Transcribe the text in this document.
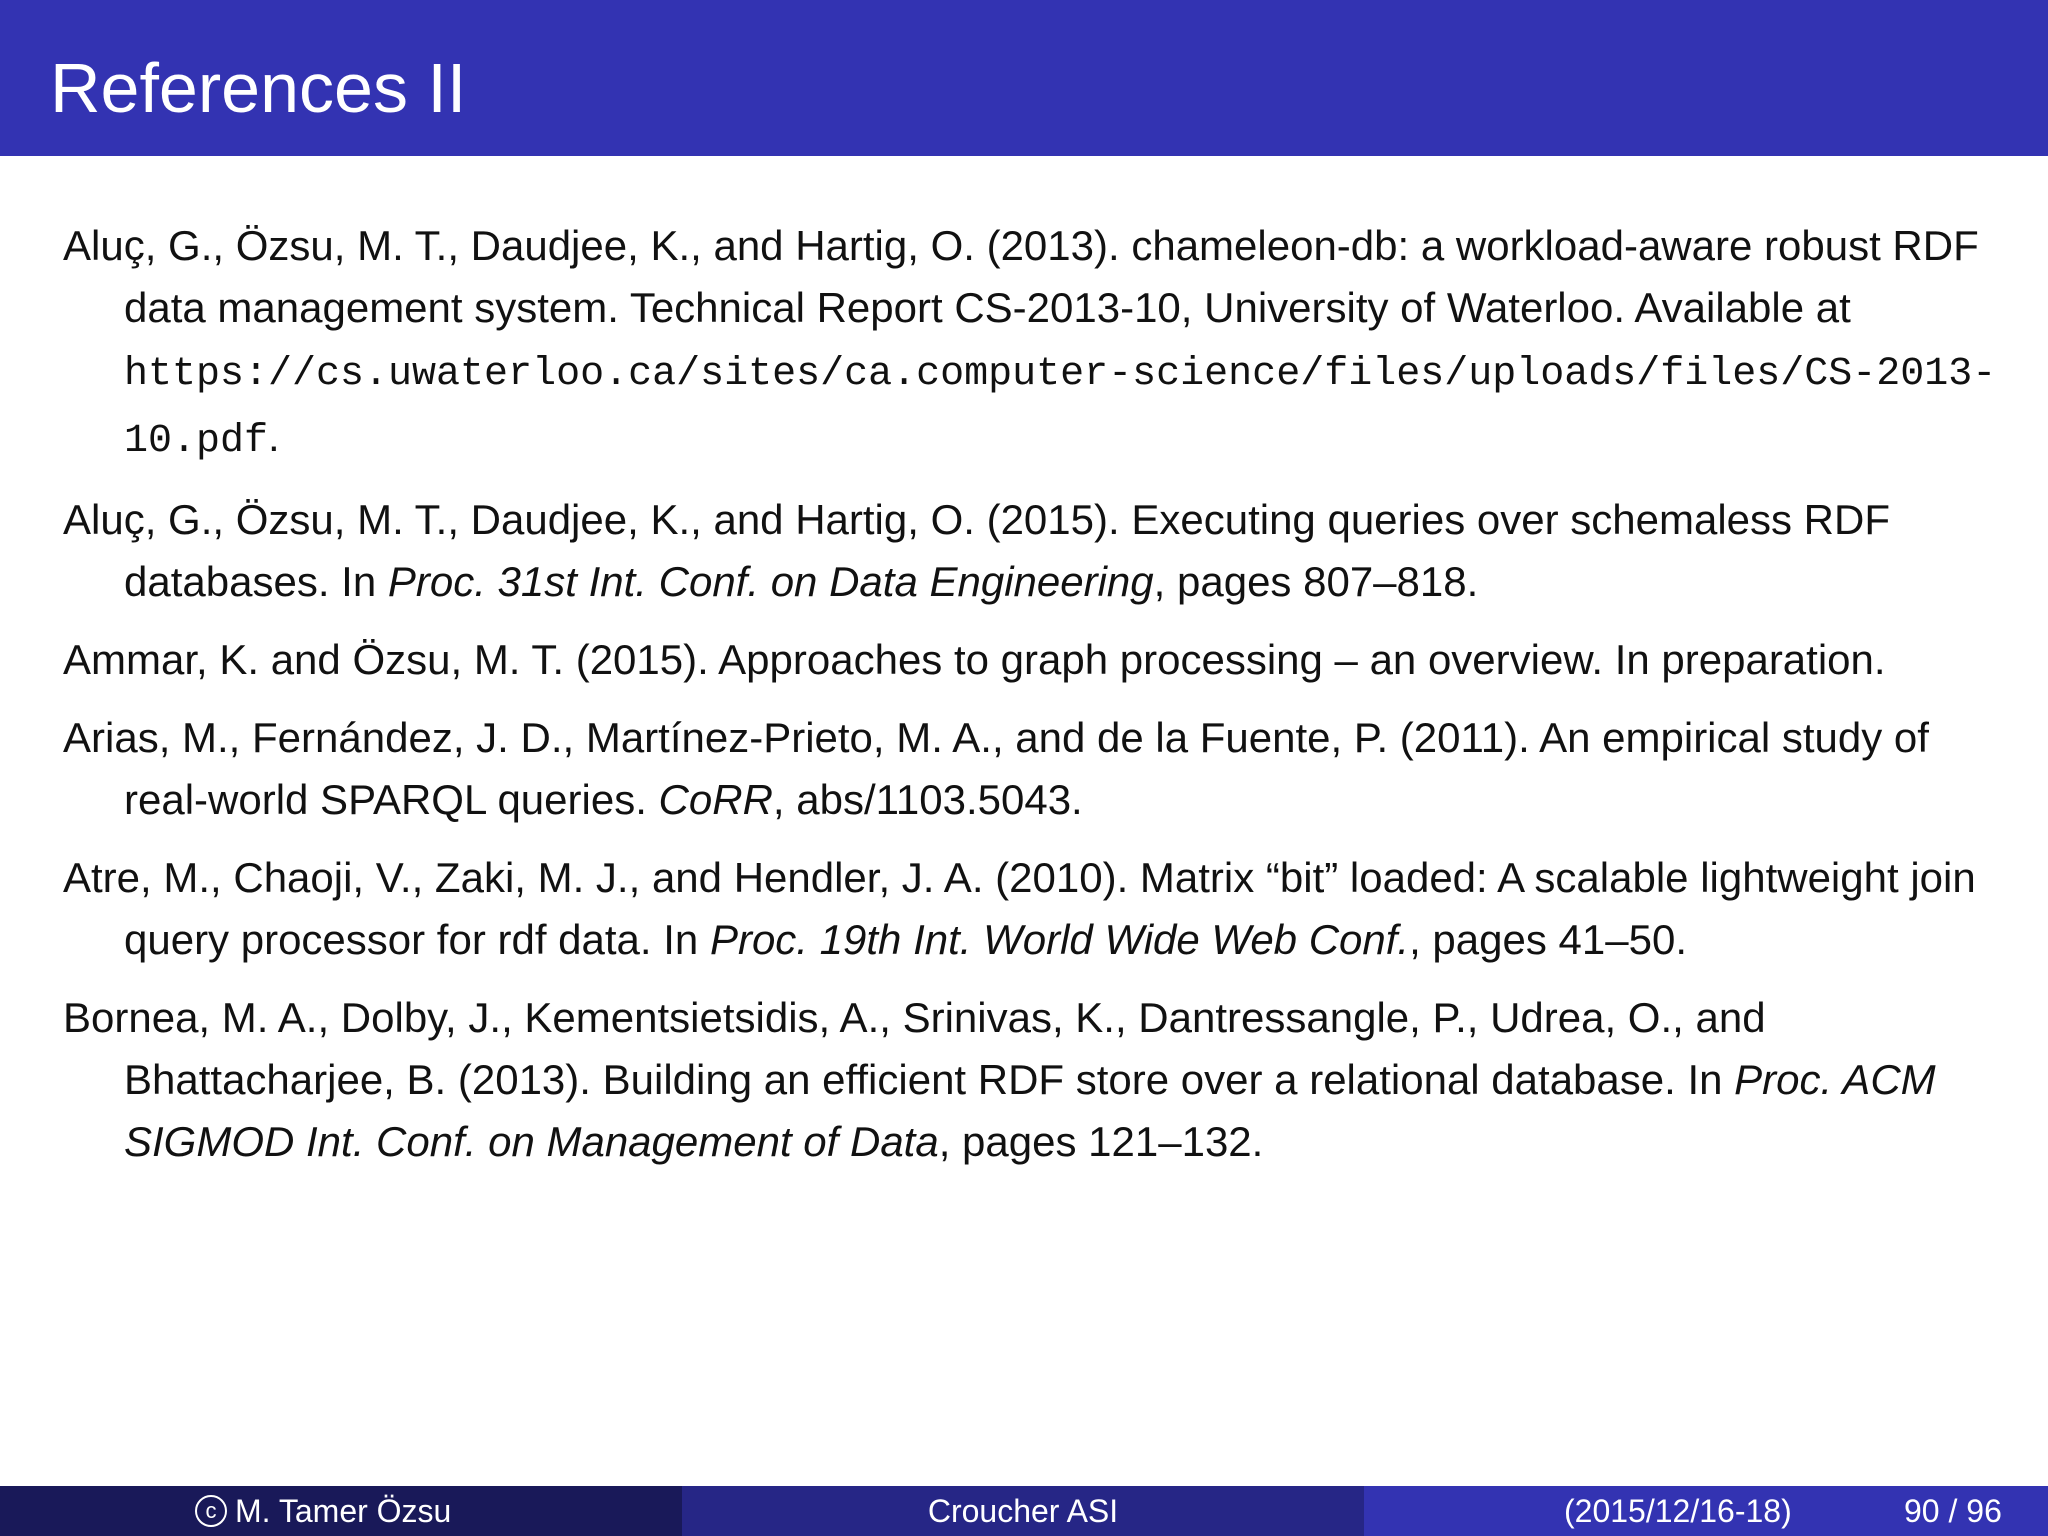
References II

Aluç, G., Özsu, M. T., Daudjee, K., and Hartig, O. (2013). chameleon-db: a workload-aware robust RDF data management system. Technical Report CS-2013-10, University of Waterloo. Available at https://cs.uwaterloo.ca/sites/ca.computer-science/files/uploads/files/CS-2013-10.pdf.

Aluç, G., Özsu, M. T., Daudjee, K., and Hartig, O. (2015). Executing queries over schemaless RDF databases. In Proc. 31st Int. Conf. on Data Engineering, pages 807–818.

Ammar, K. and Özsu, M. T. (2015). Approaches to graph processing – an overview. In preparation.

Arias, M., Fernández, J. D., Martínez-Prieto, M. A., and de la Fuente, P. (2011). An empirical study of real-world SPARQL queries. CoRR, abs/1103.5043.

Atre, M., Chaoji, V., Zaki, M. J., and Hendler, J. A. (2010). Matrix “bit” loaded: A scalable lightweight join query processor for rdf data. In Proc. 19th Int. World Wide Web Conf., pages 41–50.

Bornea, M. A., Dolby, J., Kementsietsidis, A., Srinivas, K., Dantressangle, P., Udrea, O., and Bhattacharjee, B. (2013). Building an efficient RDF store over a relational database. In Proc. ACM SIGMOD Int. Conf. on Management of Data, pages 121–132.

c M. Tamer Özsu	Croucher ASI	(2015/12/16-18)	90 / 96
